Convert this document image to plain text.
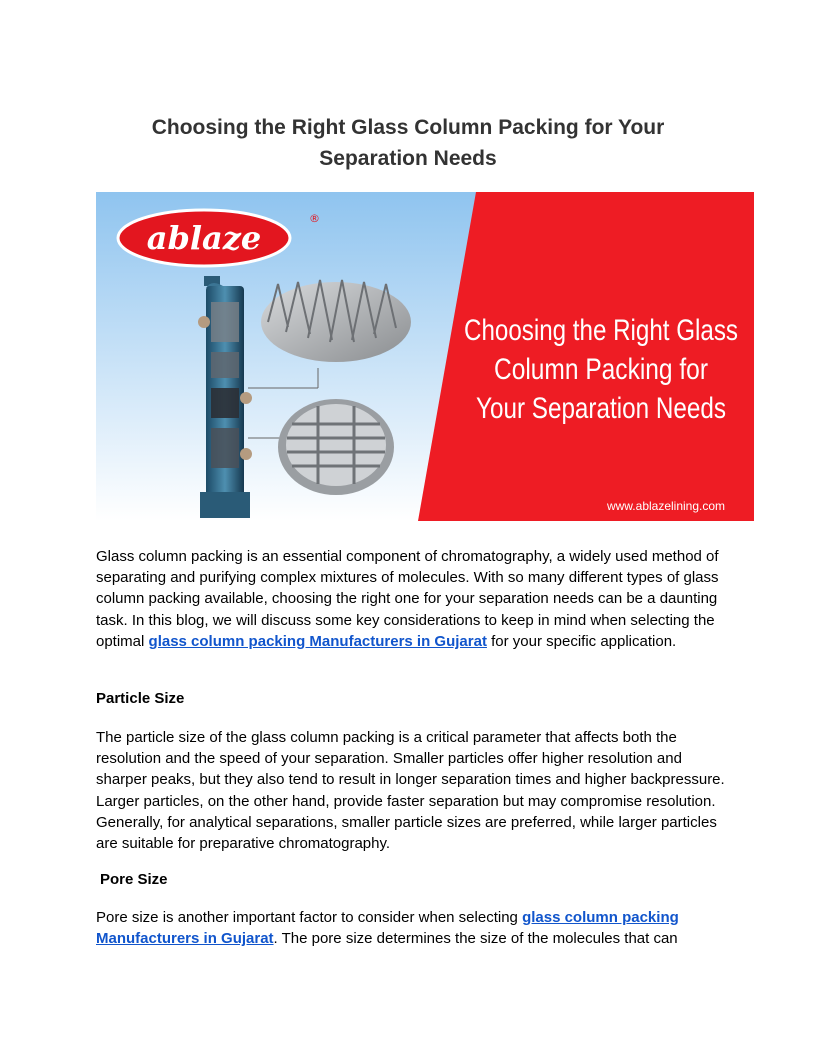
Choosing the Right Glass Column Packing for Your
Separation Needs
ablaze
®
Choosing the Right Glass
Column Packing for
Your Separation Needs
www.ablazelining.com

Glass column packing is an essential component of chromatography, a widely used method of separating and purifying complex mixtures of molecules. With so many different types of glass column packing available, choosing the right one for your separation needs can be a daunting task. In this blog, we will discuss some key considerations to keep in mind when selecting the optimal glass column packing Manufacturers in Gujarat for your specific application.

Particle Size

The particle size of the glass column packing is a critical parameter that affects both the resolution and the speed of your separation. Smaller particles offer higher resolution and sharper peaks, but they also tend to result in longer separation times and higher backpressure. Larger particles, on the other hand, provide faster separation but may compromise resolution. Generally, for analytical separations, smaller particle sizes are preferred, while larger particles are suitable for preparative chromatography.

Pore Size

Pore size is another important factor to consider when selecting glass column packing Manufacturers in Gujarat. The pore size determines the size of the molecules that can
